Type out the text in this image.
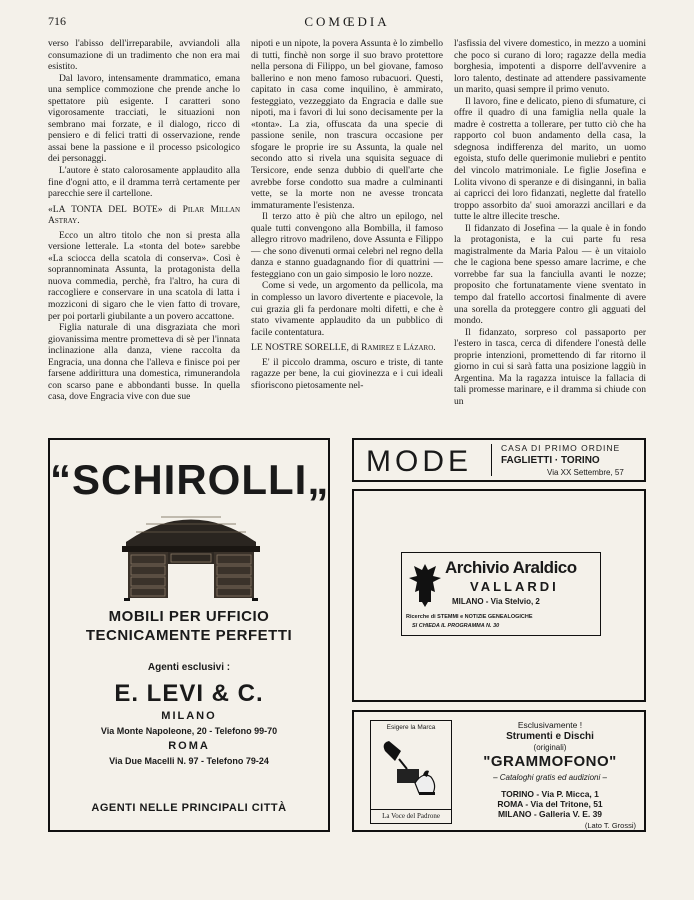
716	COMŒDIA

verso l'abisso dell'irreparabile, avviandoli alla consumazione di un tradimento che non era mai esistito.

Dal lavoro, intensamente drammatico, emana una semplice commozione che prende anche lo spettatore più esigente. I caratteri sono vigorosamente tracciati, le situazioni non sembrano mai forzate, e il dialogo, ricco di pensiero e di felici tratti di osservazione, rende assai bene la passione e il processo psicologico dei personaggi.

L'autore è stato calorosamente applaudito alla fine d'ogni atto, e il dramma terrà certamente per parecchie sere il cartellone.

«LA TONTA DEL BOTE» di Pilar Millan Astray.

Ecco un altro titolo che non si presta alla versione letterale. La «tonta del bote» sarebbe «La sciocca della scatola di conserva». Così è soprannominata Assunta, la protagonista della nuova commedia, perchè, fra l'altro, ha cura di raccogliere e conservare in una scatola di latta i mozziconi di sigaro che le vien fatto di trovare, per poi portarli giubilante a un povero accattone.

Figlia naturale di una disgraziata che morì giovanissima mentre prometteva di sè per l'innata inclinazione alla danza, viene raccolta da Engracia, una donna che l'alleva e finisce poi per farsene addirittura una domestica, rimunerandola con scarso pane e abbondanti busse. In quella casa, dove Engracia vive con due sue

nipoti e un nipote, la povera Assunta è lo zimbello di tutti, finchè non sorge il suo bravo protettore nella persona di Filippo, un bel giovane, famoso ballerino e non meno famoso rubacuori. Questi, capitato in casa come inquilino, è ammirato, festeggiato, vezzeggiato da Engracia e dalle sue nipoti, ma i favori di lui sono decisamente per la «tonta». La zia, offuscata da una specie di passione senile, non trascura occasione per sfogare le proprie ire su Assunta, la quale nel secondo atto si rivela una squisita seguace di Tersicore, ende senza dubbio di quell'arte che avrebbe forse condotto sua madre a culminanti vette, se la morte non ne avesse troncata immaturamente l'esistenza.

Il terzo atto è più che altro un epilogo, nel quale tutti convengono alla Bombilla, il famoso allegro ritrovo madrileno, dove Assunta e Filippo — che sono divenuti ormai celebri nel regno della danza e stanno guadagnando fior di quattrini — festeggiano con un gaio simposio le loro nozze.

Come si vede, un argomento da pellicola, ma in complesso un lavoro divertente e piacevole, la cui grazia gli fa perdonare molti difetti, e che è stato vivamente applaudito da un pubblico di facile contentatura.

LE NOSTRE SORELLE, di Ramirez e Lázaro.

E' il piccolo dramma, oscuro e triste, di tante ragazze per bene, la cui giovinezza e i cui ideali sfioriscono pietosamente nel-

l'asfissia del vivere domestico, in mezzo a uomini che poco si curano di loro; ragazze della media borghesia, impotenti a disporre dell'avvenire a loro talento, destinate ad attendere passivamente un marito, quasi sempre il primo venuto.

Il lavoro, fine e delicato, pieno di sfumature, ci offre il quadro di una famiglia nella quale la madre è costretta a tollerare, per tutto ciò che ha rapporto col buon andamento della casa, la sdegnosa indifferenza del marito, un uomo egoista, stufo delle querimonie muliebri e pentito del vincolo matrimoniale. Le figlie Josefina e Lolita vivono di speranze e di disinganni, in balìa ai capricci dei loro fidanzati, neglette dal fratello troppo assorbito da' suoi amorazzi ancillari e da tutte le altre illecite tresche.

Il fidanzato di Josefina — la quale è in fondo la protagonista, e la cui parte fu resa magistralmente da Maria Palou — è un vitaiolo che le cagiona bene spesso amare lacrime, e che vorrebbe far sua la fanciulla avanti le nozze; proposito che fortunatamente viene sventato in tempo dal fratello accortosi finalmente di avere una sorella da proteggere contro gli agguati del mondo.

Il fidanzato, sorpreso col passaporto per l'estero in tasca, cerca di difendere l'onestà delle proprie intenzioni, promettendo di far ritorno il giorno in cui si sarà fatta una posizione laggiù in Argentina. Ma la ragazza intuisce la fallacia di tali promesse marinare, e il dramma si chiude con un

“SCHIROLLI„
MOBILI PER UFFICIO
TECNICAMENTE PERFETTI
Agenti esclusivi :
E. LEVI & C.
MILANO
Via Monte Napoleone, 20 - Telefono 99-70
ROMA
Via Due Macelli N. 97 - Telefono 79-24
AGENTI NELLE PRINCIPALI CITTÀ
MODE	CASA DI PRIMO ORDINE
FAGLIETTI · TORINO
Via XX Settembre, 57
Archivio Araldico
VALLARDI
MILANO - Via Stelvio, 2
Ricerche di STEMMI e NOTIZIE GENEALOGICHE
SI CHIEDA IL PROGRAMMA N. 30
Esigere la Marca
La Voce del Padrone
Esclusivamente !
Strumenti e Dischi
(originali)
"GRAMMOFONO"
– Cataloghi gratis ed audizioni –
TORINO - Via P. Micca, 1
ROMA - Via del Tritone, 51
MILANO - Galleria V. E. 39
(Lato T. Grossi)
